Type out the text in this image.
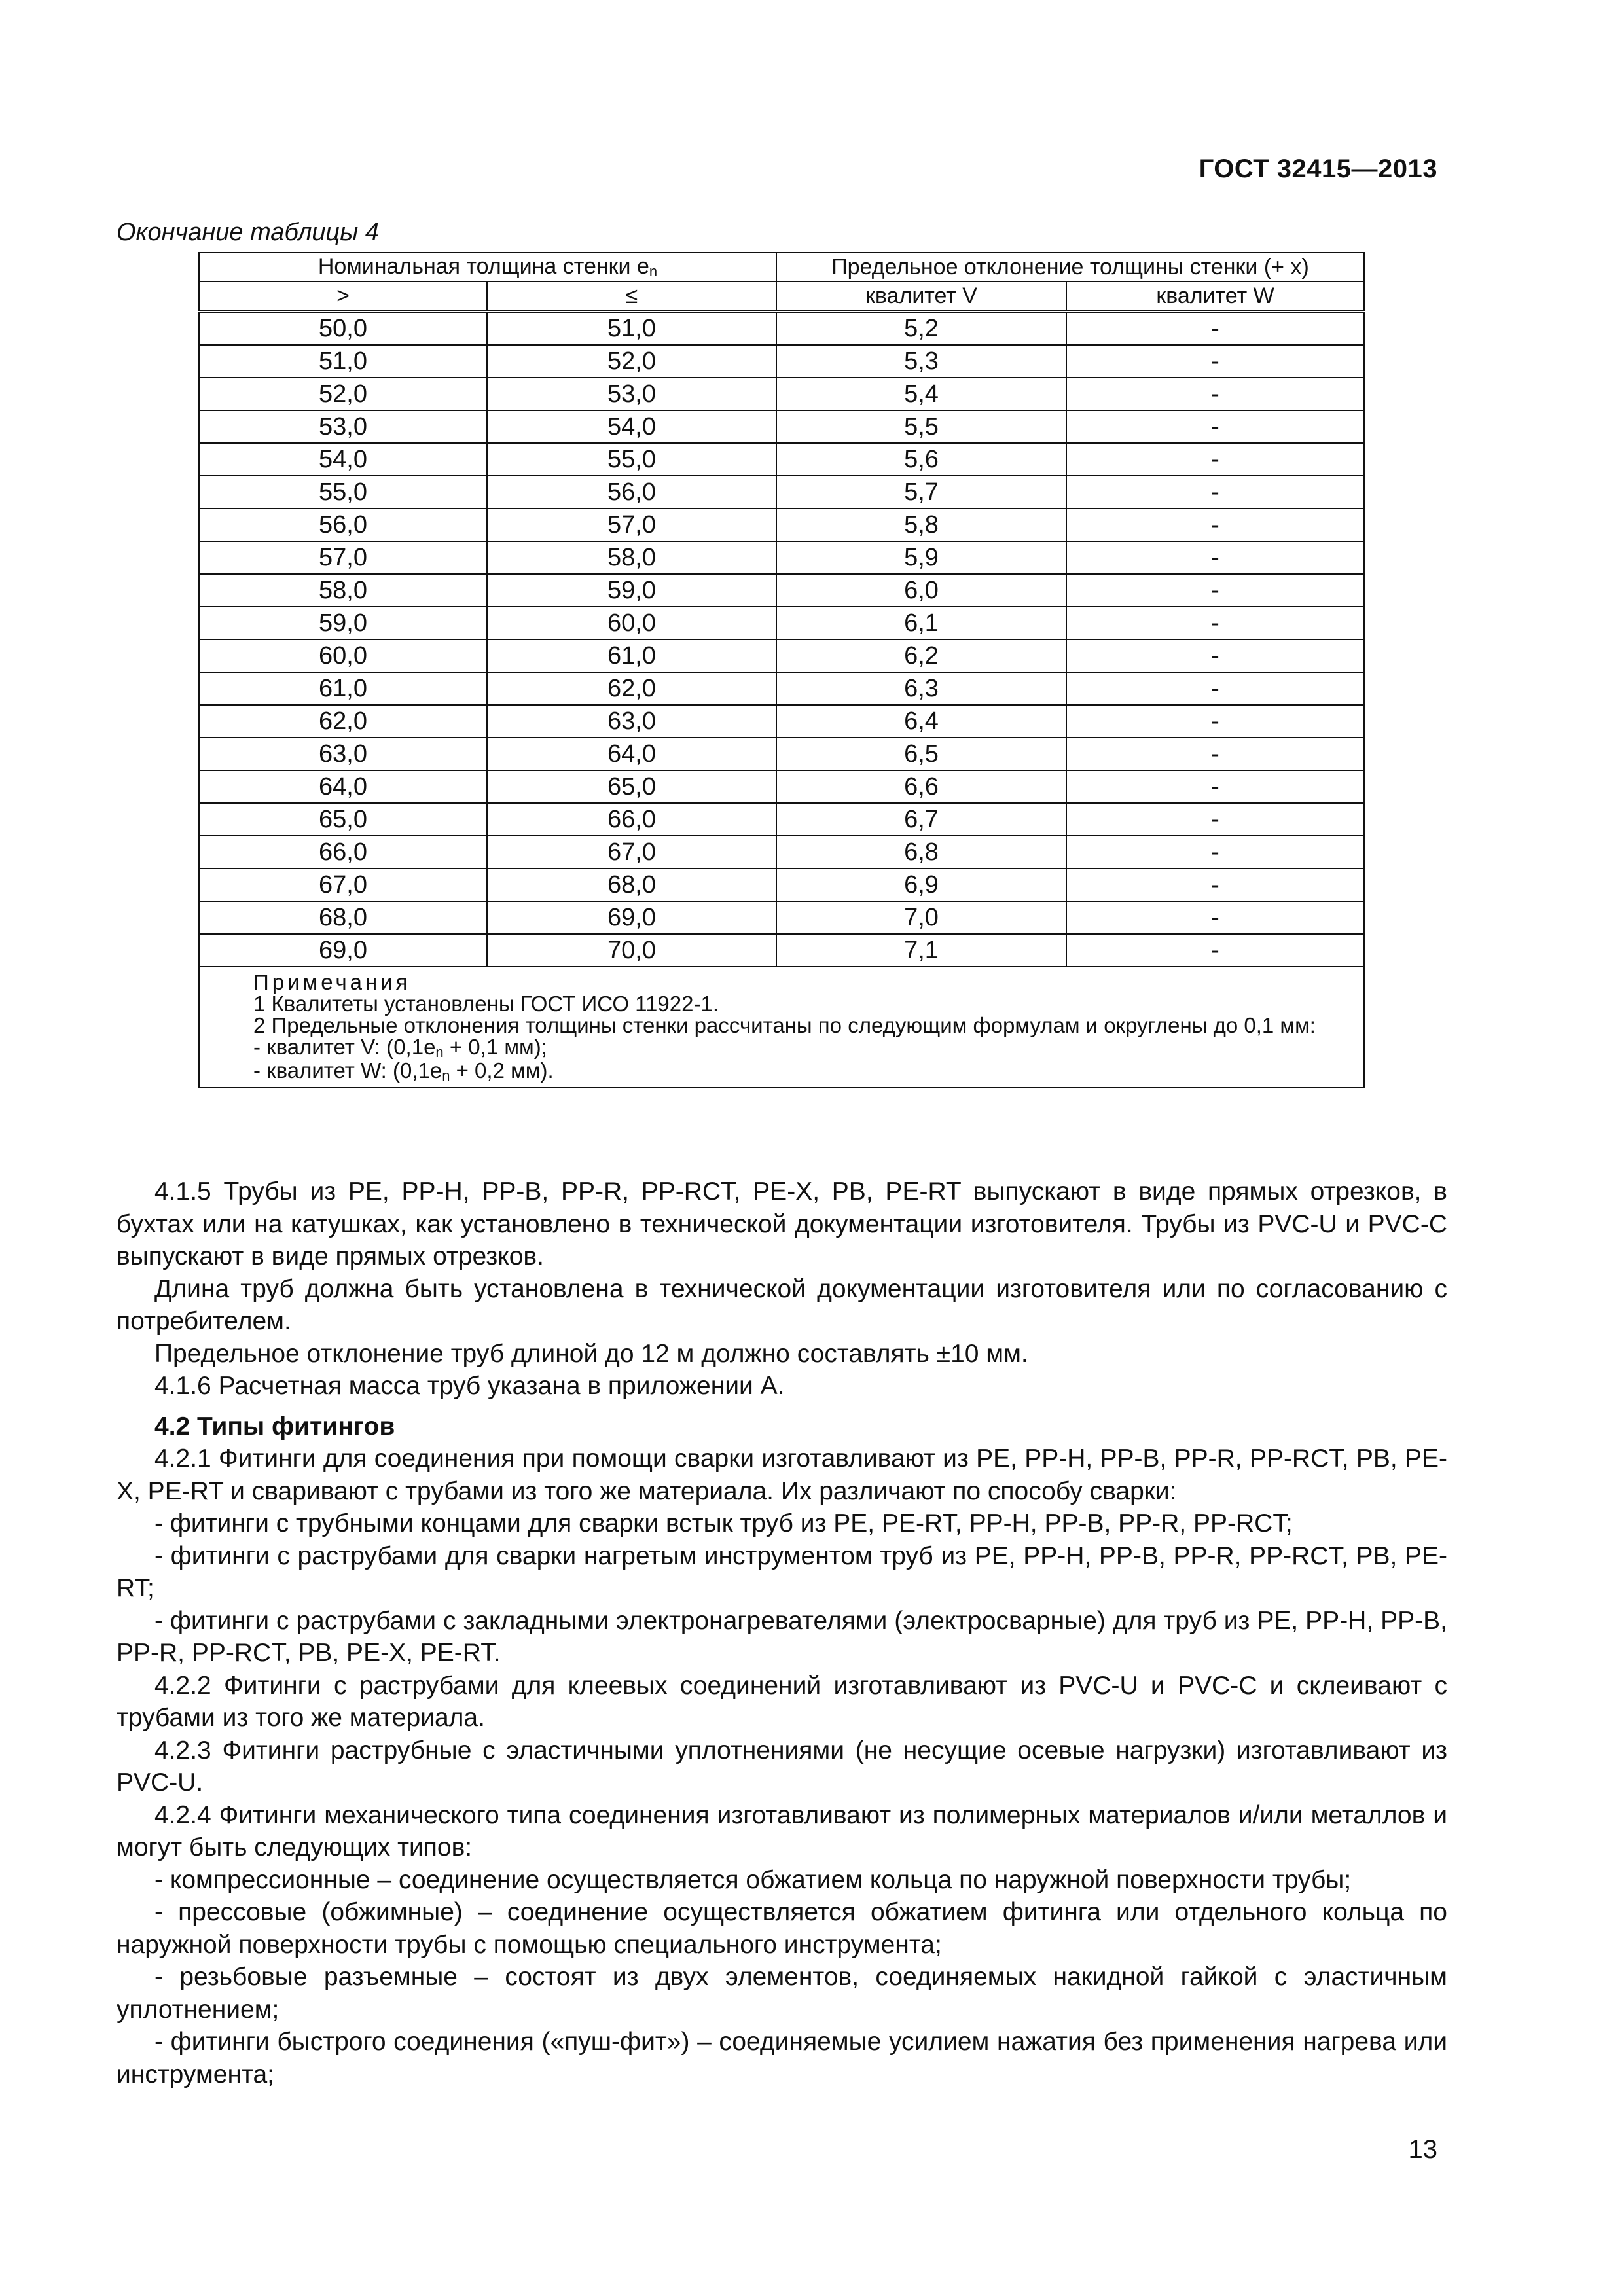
ГОСТ 32415—2013
Окончание таблицы 4
Номинальная толщина стенки en		Предельное отклонение толщины стенки (+ x)	
>	≤	квалитет V	квалитет W
50,0	51,0	5,2	-
51,0	52,0	5,3	-
52,0	53,0	5,4	-
53,0	54,0	5,5	-
54,0	55,0	5,6	-
55,0	56,0	5,7	-
56,0	57,0	5,8	-
57,0	58,0	5,9	-
58,0	59,0	6,0	-
59,0	60,0	6,1	-
60,0	61,0	6,2	-
61,0	62,0	6,3	-
62,0	63,0	6,4	-
63,0	64,0	6,5	-
64,0	65,0	6,6	-
65,0	66,0	6,7	-
66,0	67,0	6,8	-
67,0	68,0	6,9	-
68,0	69,0	7,0	-
69,0	70,0	7,1	-

Примечания
1 Квалитеты установлены ГОСТ ИСО 11922-1.
2 Предельные отклонения толщины стенки рассчитаны по следующим формулам и округлены до 0,1 мм:
- квалитет V: (0,1en + 0,1 мм);
- квалитет W: (0,1en + 0,2 мм).			

4.1.5 Трубы из PE, PP-H, PP-B, PP-R, PP-RCT, PE-X, PB, PE-RT выпускают в виде прямых отрезков, в бухтах или на катушках, как установлено в технической документации изготовителя. Трубы из PVC-U и PVC-C выпускают в виде прямых отрезков.

Длина труб должна быть установлена в технической документации изготовителя или по согласованию с потребителем.

Предельное отклонение труб длиной до 12 м должно составлять ±10 мм.

4.1.6 Расчетная масса труб указана в приложении А.

4.2 Типы фитингов

4.2.1 Фитинги для соединения при помощи сварки изготавливают из PE, PP-H, PP-B, PP-R, PP-RCT, PB, PE-X, PE-RT и сваривают с трубами из того же материала. Их различают по способу сварки:

- фитинги с трубными концами для сварки встык труб из PE, PE-RT, PP-H, PP-B, PP-R, PP-RCT;

- фитинги с раструбами для сварки нагретым инструментом труб из PE, PP-H, PP-B, PP-R, PP-RCT, PB, PE-RT;

- фитинги с раструбами с закладными электронагревателями (электросварные) для труб из PE, PP-H, PP-B, PP-R, PP-RCT, PB, PE-X, PE-RT.

4.2.2 Фитинги с раструбами для клеевых соединений изготавливают из PVC-U и PVC-C и склеивают с трубами из того же материала.

4.2.3 Фитинги раструбные с эластичными уплотнениями (не несущие осевые нагрузки) изготавливают из PVC-U.

4.2.4 Фитинги механического типа соединения изготавливают из полимерных материалов и/или металлов и могут быть следующих типов:

- компрессионные – соединение осуществляется обжатием кольца по наружной поверхности трубы;

- прессовые (обжимные) – соединение осуществляется обжатием фитинга или отдельного кольца по наружной поверхности трубы с помощью специального инструмента;

- резьбовые разъемные – состоят из двух элементов, соединяемых накидной гайкой с эластичным уплотнением;

- фитинги быстрого соединения («пуш-фит») – соединяемые усилием нажатия без применения нагрева или инструмента;

13
